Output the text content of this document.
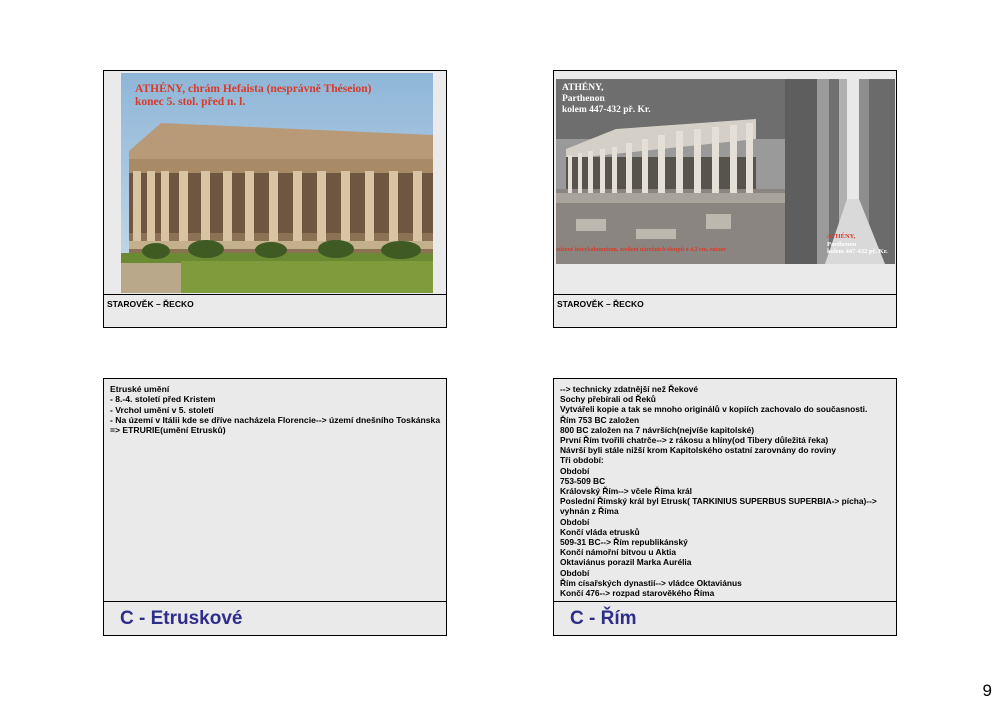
ATHÉNY, chrám Hefaista (nesprávně Théseion)
konec 5. stol. před n. l.
STAROVĚK – ŘECKO
ATHÉNY,
Parthenon
kolem 447-432 př. Kr.
zúžené interkolumnium, zesílení nárožních sloupů o 4,3 cm, entaze
ATHÉNY,
Parthenon
kolem 447-432 př. Kr.
STAROVĚK – ŘECKO
Etruské umění
- 8.-4. století před Kristem
- Vrchol umění v 5. století
- Na území v Itálii kde se dříve nacházela Florencie--> území dnešního Toskánska
=> ETRURIE(umění Etrusků)
C - Etruskové
--> technicky zdatnější než Řekové
Sochy přebírali od Řeků
Vytvářeli kopie a tak se mnoho originálů v kopiích zachovalo do současnosti.
Řím 753 BC založen
800 BC založen na 7 návrších(nejvíše kapitolské)
První Řím tvořili chatrče--> z rákosu a hlíny(od Tibery důležitá řeka)
Návrší byli stále nižší krom Kapitolského ostatní zarovnány do roviny
Tři období:
Období
753-509 BC
Královský Řím--> včele Říma král
Poslední Římský král byl Etrusk( TARKINIUS SUPERBUS SUPERBIA-> pícha)-->
vyhnán z Říma
Období
Končí vláda etrusků
509-31 BC--> Řím republikánský
Končí námořní bitvou u Aktia
Oktaviánus porazil Marka Aurélia
Období
Řím císařských dynastií--> vládce Oktaviánus
Končí 476--> rozpad starověkého Říma
C - Řím
9
